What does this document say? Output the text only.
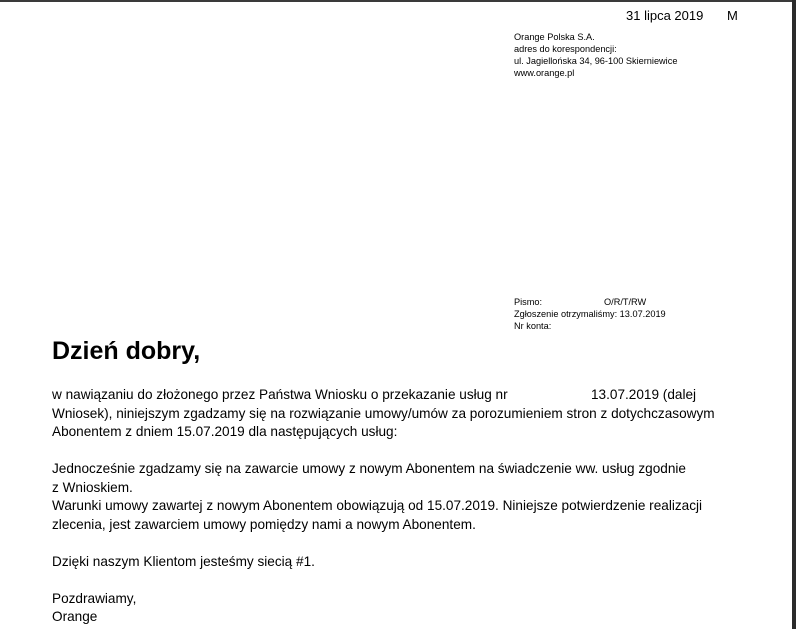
31 lipca 2019 M
Orange Polska S.A.
adres do korespondencji:
ul. Jagiellońska 34, 96-100 Skierniewice
www.orange.pl
Pismo:	O/R/T/RW
Zgłoszenie otrzymaliśmy: 13.07.2019
Nr konta:
Dzień dobry,
w nawiązaniu do złożonego przez Państwa Wniosku o przekazanie usług nr	13.07.2019 (dalej
Wniosek), niniejszym zgadzamy się na rozwiązanie umowy/umów za porozumieniem stron z dotychczasowym
Abonentem z dniem 15.07.2019 dla następujących usług:
Jednocześnie zgadzamy się na zawarcie umowy z nowym Abonentem na świadczenie ww. usług zgodnie
z Wnioskiem.
Warunki umowy zawartej z nowym Abonentem obowiązują od 15.07.2019. Niniejsze potwierdzenie realizacji
zlecenia, jest zawarciem umowy pomiędzy nami a nowym Abonentem.
Dzięki naszym Klientom jesteśmy siecią #1.
Pozdrawiamy,
Orange
